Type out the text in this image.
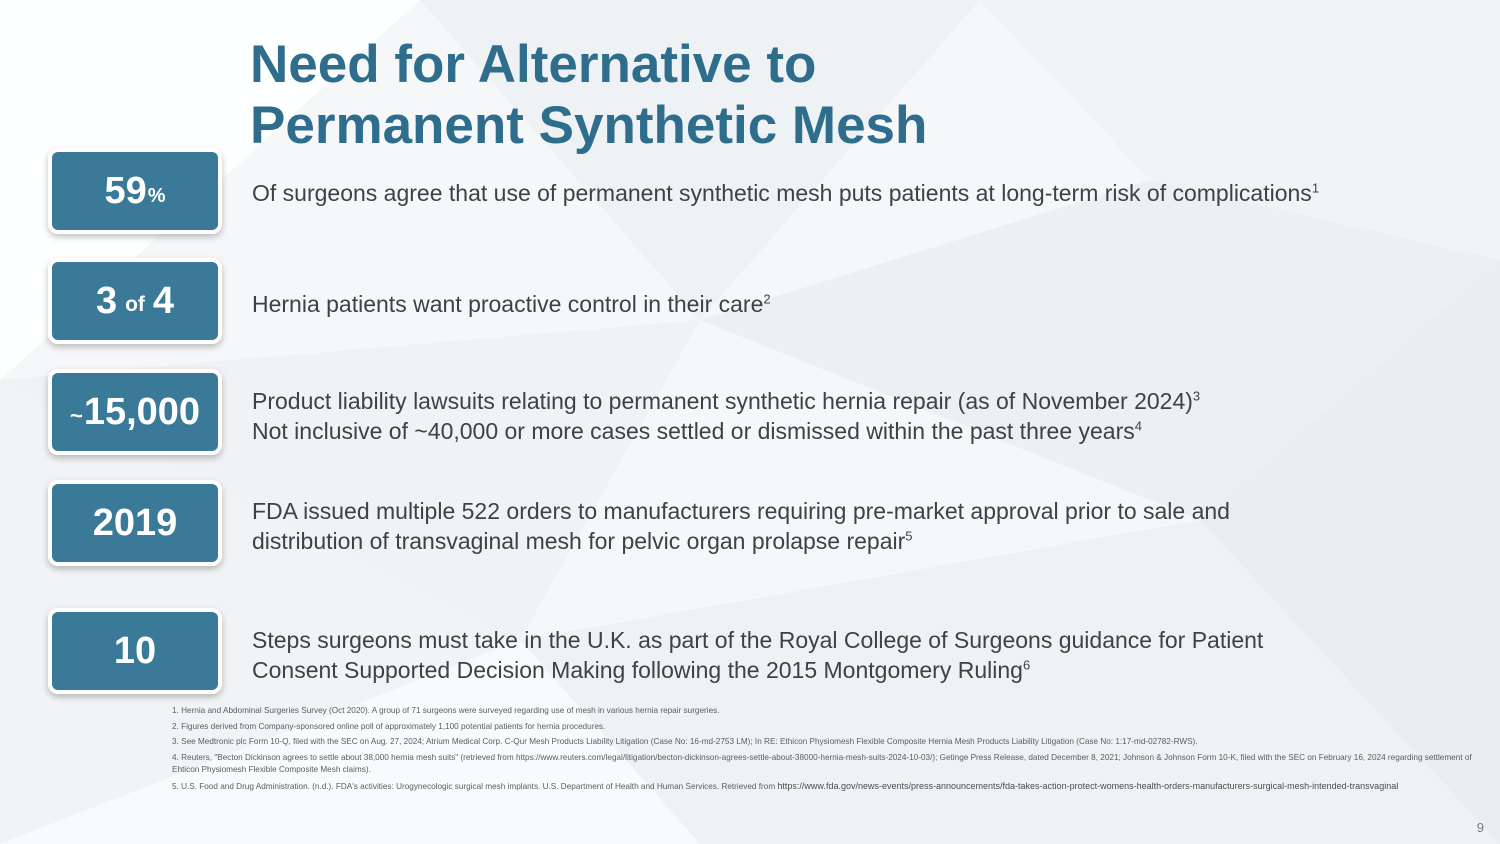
Need for Alternative to
Permanent Synthetic Mesh
59 %	Of surgeons agree that use of permanent synthetic mesh puts patients at long-term risk of complications$^1$
3 of 4	Hernia patients want proactive control in their care$^2$
~ 15,000 Product liability lawsuits relating to permanent synthetic hernia repair (as of November 2024)$^3$
Not inclusive of ~40,000 or more cases settled or dismissed within the past three years$^4$
2019	FDA issued multiple 522 orders to manufacturers requiring pre-market approval prior to sale and
distribution of transvaginal mesh for pelvic organ prolapse repair$^5$
10	Steps surgeons must take in the U.K. as part of the Royal College of Surgeons guidance for Patient
Consent Supported Decision Making following the 2015 Montgomery Ruling$^6$
1. Hernia and Abdominal Surgeries Survey (Oct 2020). A group of 71 surgeons were surveyed regarding use of mesh in various hernia repair surgeries.
2. Figures derived from Company-sponsored online poll of approximately 1,100 potential patients for hernia procedures.
3. See Medtronic plc Form 10-Q, filed with the SEC on Aug. 27, 2024; Atrium Medical Corp. C-Qur Mesh Products Liability Litigation (Case No: 16-md-2753 LM); In RE: Ethicon Physiomesh Flexible Composite Hernia Mesh Products Liability Litigation (Case No: 1:17-md-02782-RWS).
4. Reuters, "Becton Dickinson agrees to settle about 38,000 hernia mesh suits" (retrieved from https://www.reuters.com/legal/litigation/becton-dickinson-agrees-settle-about-38000-hernia-mesh-suits-2024-10-03/); Getinge Press Release, dated December 8, 2021; Johnson & Johnson Form 10-K, filed with the SEC on February 16, 2024 regarding settlement of Ehticon Physiomesh Flexible Composite Mesh claims).
5. U.S. Food and Drug Administration. (n.d.). FDA's activities: Urogynecologic surgical mesh implants. U.S. Department of Health and Human Services. Retrieved from https://www.fda.gov/news-events/press-announcements/fda-takes-action-protect-womens-health-orders-manufacturers-surgical-mesh-intended-transvaginal
9
